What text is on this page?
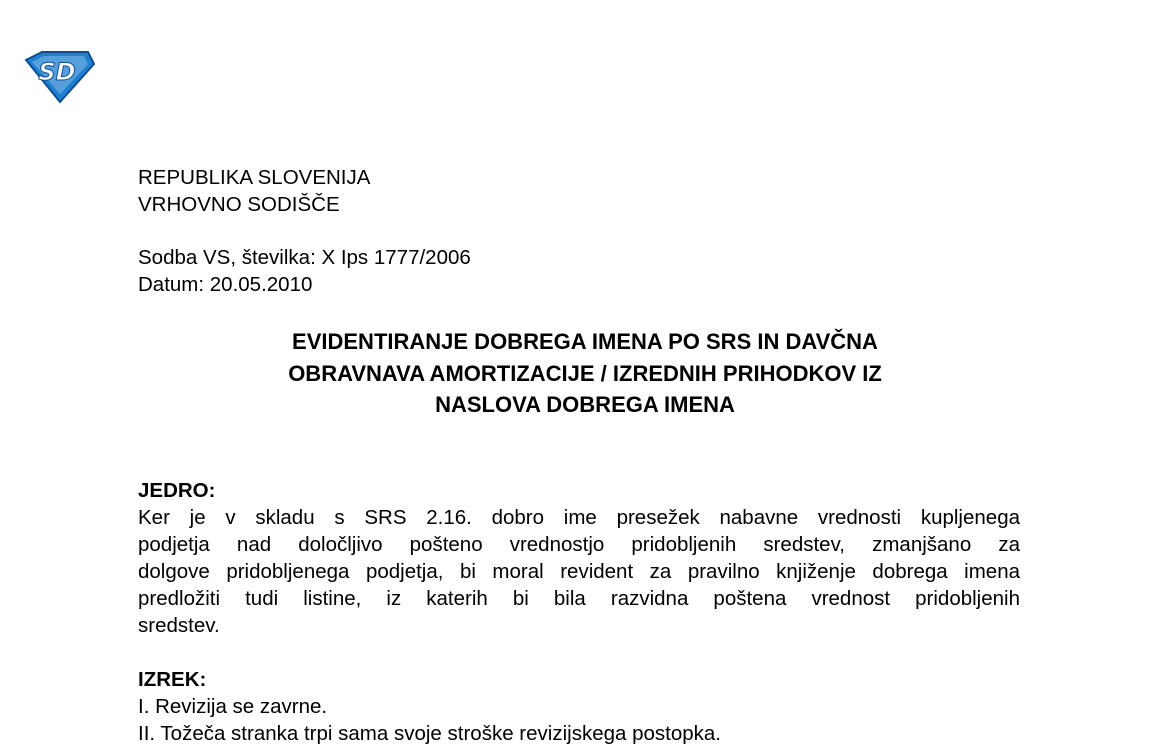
SD
REPUBLIKA SLOVENIJA
VRHOVNO SODIŠČE
Sodba VS, številka: X Ips 1777/2006
Datum: 20.05.2010
EVIDENTIRANJE DOBREGA IMENA PO SRS IN DAVČNA
OBRAVNAVA AMORTIZACIJE / IZREDNIH PRIHODKOV IZ
NASLOVA DOBREGA IMENA
JEDRO:
Ker je v skladu s SRS 2.16. dobro ime presežek nabavne vrednosti kupljenega
podjetja nad določljivo pošteno vrednostjo pridobljenih sredstev, zmanjšano za
dolgove pridobljenega podjetja, bi moral revident za pravilno knjiženje dobrega imena
predložiti tudi listine, iz katerih bi bila razvidna poštena vrednost pridobljenih
sredstev.
IZREK:
I. Revizija se zavrne.
II. Tožeča stranka trpi sama svoje stroške revizijskega postopka.
